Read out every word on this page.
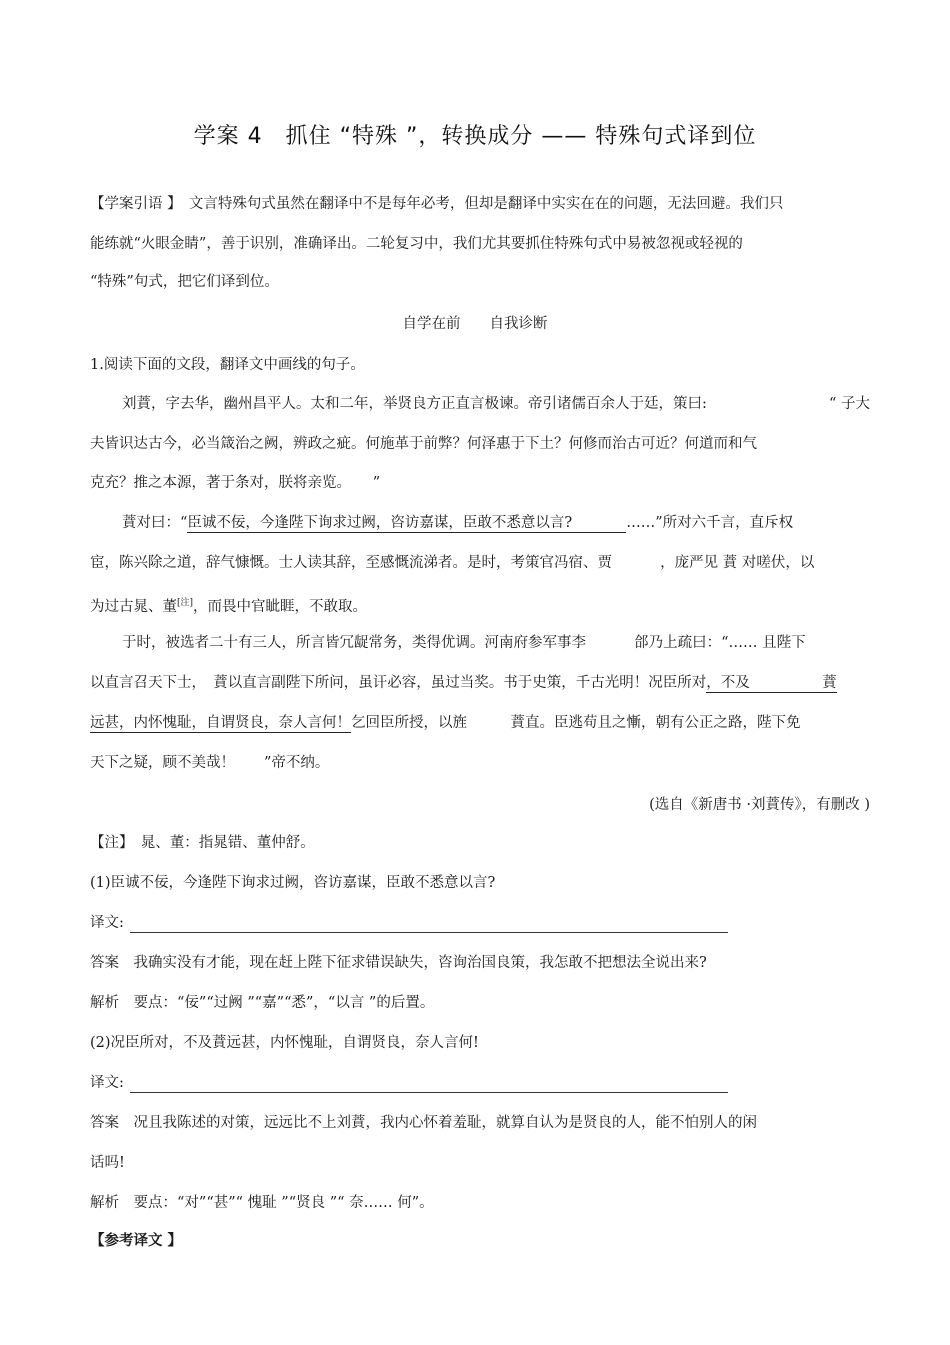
学案 4　抓住 “特殊 ”，转换成分 —— 特殊句式译到位
【学案引语 】　文言特殊句式虽然在翻译中不是每年必考，但却是翻译中实实在在的问题，无法回避。我们只
能练就“火眼金睛”，善于识别，准确译出。二轮复习中，我们尤其要抓住特殊句式中易被忽视或轻视的
“特殊”句式，把它们译到位。
自学在前　　自我诊断
1.阅读下面的文段，翻译文中画线的句子。
刘蕡，字去华，幽州昌平人。太和二年，举贤良方正直言极谏。帝引诸儒百余人于廷，策曰:	“ 子大
夫皆识达古今，必当箴治之阙，辨政之疵。何施革于前弊？何泽惠于下土？何修而治古可近？何道而和气
克充？推之本源，著于条对，朕将亲览。　　”
蕡对曰：“臣诚不佞，今逢陛下询求过阙，咨访嘉谋，臣敢不悉意以言?	……”所对六千言，直斥权
宦，陈兴除之道，辞气慷慨。士人读其辞，至感慨流涕者。是时，考策官冯宿、贾　　　 ，庞严见 蕡 对嗟伏，以
为过古晁、董[注]，而畏中官眦睚，不敢取。
于时，被选者二十有三人，所言皆冗龊常务，类得优调。河南府参军事李　　　 郃乃上疏曰：“…… 且陛下
以直言召天下士，　蕡以直言副陛下所问，虽讦必容，虽过当奖。书于史策，千古光明！况臣所对，不及　　　　　蕡
远甚，内怀愧耻，自谓贤良，奈人言何！乞回臣所授，以旌　　　蕡直。臣逃苟且之慚，朝有公正之路，陛下免
天下之疑，顾不美哉！　　”帝不纳。
(选自《新唐书 ·刘蕡传》，有删改 )
【注】　晁、董：指晁错、董仲舒。
(1)臣诚不佞，今逢陛下询求过阙，咨访嘉谋，臣敢不悉意以言?
译文:
答案　我确实没有才能，现在赶上陛下征求错误缺失，咨询治国良策，我怎敢不把想法全说出来?
解析　要点：“佞”“过阙 ”“嘉”“悉”，“以言 ”的后置。
(2)况臣所对，不及蕡远甚，内怀愧耻，自谓贤良，奈人言何!
译文:
答案　况且我陈述的对策，远远比不上刘蕡，我内心怀着羞耻，就算自认为是贤良的人，能不怕别人的闲
话吗!
解析　要点：“对”“甚”“ 愧耻 ”“贤良 ”“ 奈…… 何”。
【参考译文 】
